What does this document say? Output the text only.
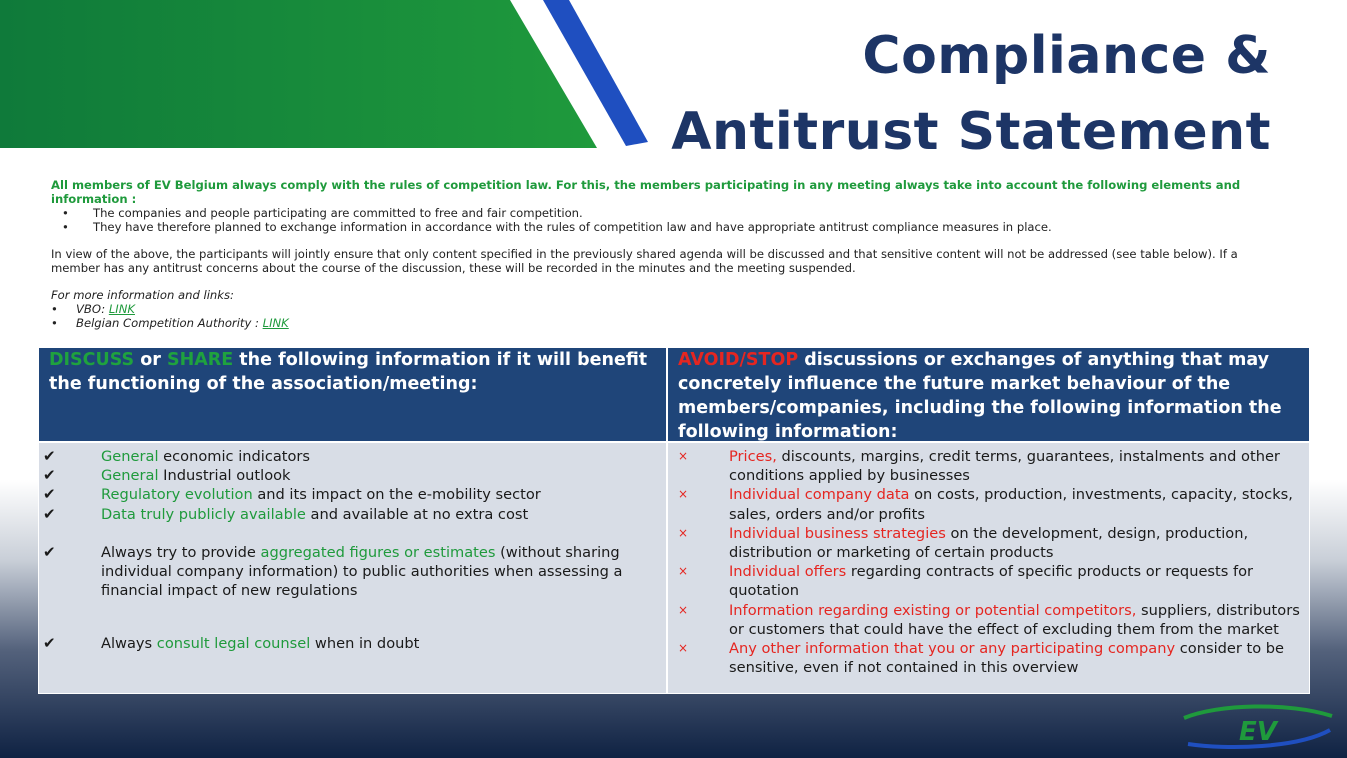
Compliance &
Antitrust Statement

All members of EV Belgium always comply with the rules of competition law. For this, the members participating in any meeting always take into account the following elements and information :

• The companies and people participating are committed to free and fair competition.
• They have therefore planned to exchange information in accordance with the rules of competition law and have appropriate antitrust compliance measures in place.

In view of the above, the participants will jointly ensure that only content specified in the previously shared agenda will be discussed and that sensitive content will not be addressed (see table below). If a member has any antitrust concerns about the course of the discussion, these will be recorded in the minutes and the meeting suspended.

For more information and links:

• VBO: LINK
• Belgian Competition Authority : LINK
DISCUSS or SHARE the following information if it will benefit the functioning of the association/meeting:
AVOID/STOP discussions or exchanges of anything that may concretely influence the future market behaviour of the members/companies, including the following information the following information:
✔	General economic indicators
✔	General Industrial outlook
✔	Regulatory evolution and its impact on the e-mobility sector
✔	Data truly publicly available and available at no extra cost
✔	Always try to provide aggregated figures or estimates (without sharing individual company information) to public authorities when assessing a financial impact of new regulations
✔	Always consult legal counsel when in doubt
×	Prices, discounts, margins, credit terms, guarantees, instalments and other conditions applied by businesses
×	Individual company data on costs, production, investments, capacity, stocks, sales, orders and/or profits
×	Individual business strategies on the development, design, production, distribution or marketing of certain products
×	Individual offers regarding contracts of specific products or requests for quotation
×	Information regarding existing or potential competitors, suppliers, distributors or customers that could have the effect of excluding them from the market
×	Any other information that you or any participating company consider to be sensitive, even if not contained in this overview
EV
